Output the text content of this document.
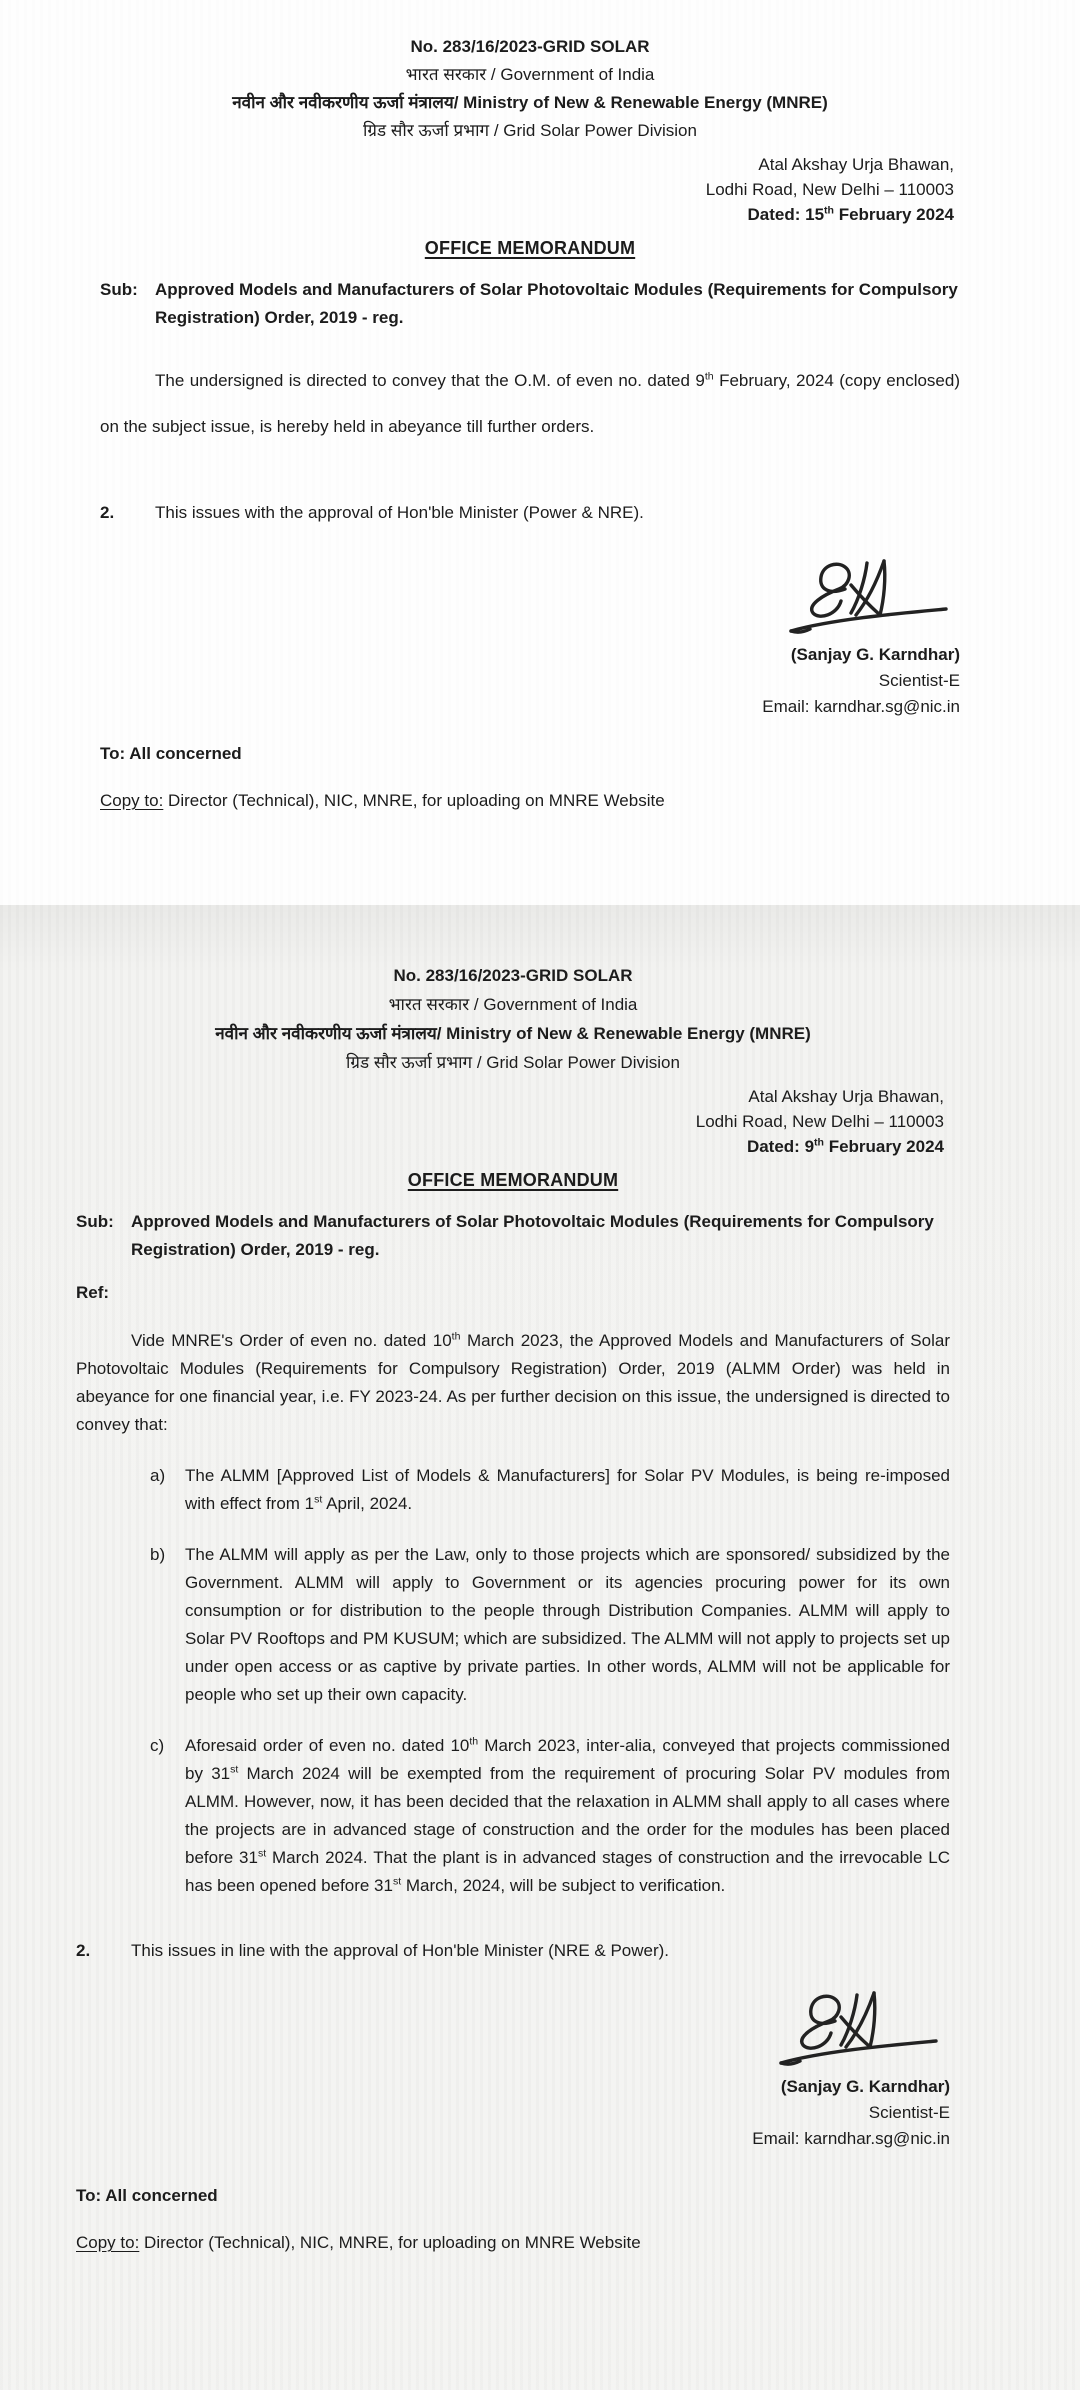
No. 283/16/2023-GRID SOLAR
भारत सरकार / Government of India
नवीन और नवीकरणीय ऊर्जा मंत्रालय/ Ministry of New & Renewable Energy (MNRE)
ग्रिड सौर ऊर्जा प्रभाग / Grid Solar Power Division
Atal Akshay Urja Bhawan,
Lodhi Road, New Delhi – 110003
Dated: 15th February 2024
OFFICE MEMORANDUM
Sub:	Approved Models and Manufacturers of Solar Photovoltaic Modules (Requirements for Compulsory Registration) Order, 2019 - reg.

The undersigned is directed to convey that the O.M. of even no. dated 9th February, 2024 (copy enclosed) on the subject issue, is hereby held in abeyance till further orders.

2.	This issues with the approval of Hon'ble Minister (Power & NRE).
(Sanjay G. Karndhar)
Scientist-E
Email: karndhar.sg@nic.in
To: All concerned
Copy to: Director (Technical), NIC, MNRE, for uploading on MNRE Website
No. 283/16/2023-GRID SOLAR
भारत सरकार / Government of India
नवीन और नवीकरणीय ऊर्जा मंत्रालय/ Ministry of New & Renewable Energy (MNRE)
ग्रिड सौर ऊर्जा प्रभाग / Grid Solar Power Division
Atal Akshay Urja Bhawan,
Lodhi Road, New Delhi – 110003
Dated: 9th February 2024
OFFICE MEMORANDUM
Sub:	Approved Models and Manufacturers of Solar Photovoltaic Modules (Requirements for Compulsory Registration) Order, 2019 - reg.
Ref:

Vide MNRE's Order of even no. dated 10th March 2023, the Approved Models and Manufacturers of Solar Photovoltaic Modules (Requirements for Compulsory Registration) Order, 2019 (ALMM Order) was held in abeyance for one financial year, i.e. FY 2023-24. As per further decision on this issue, the undersigned is directed to convey that:

a)	The ALMM [Approved List of Models & Manufacturers] for Solar PV Modules, is being re-imposed with effect from 1st April, 2024.
b)	The ALMM will apply as per the Law, only to those projects which are sponsored/ subsidized by the Government. ALMM will apply to Government or its agencies procuring power for its own consumption or for distribution to the people through Distribution Companies. ALMM will apply to Solar PV Rooftops and PM KUSUM; which are subsidized. The ALMM will not apply to projects set up under open access or as captive by private parties. In other words, ALMM will not be applicable for people who set up their own capacity.
c)	Aforesaid order of even no. dated 10th March 2023, inter-alia, conveyed that projects commissioned by 31st March 2024 will be exempted from the requirement of procuring Solar PV modules from ALMM. However, now, it has been decided that the relaxation in ALMM shall apply to all cases where the projects are in advanced stage of construction and the order for the modules has been placed before 31st March 2024. That the plant is in advanced stages of construction and the irrevocable LC has been opened before 31st March, 2024, will be subject to verification.
2.	This issues in line with the approval of Hon'ble Minister (NRE & Power).
(Sanjay G. Karndhar)
Scientist-E
Email: karndhar.sg@nic.in
To: All concerned
Copy to: Director (Technical), NIC, MNRE, for uploading on MNRE Website
